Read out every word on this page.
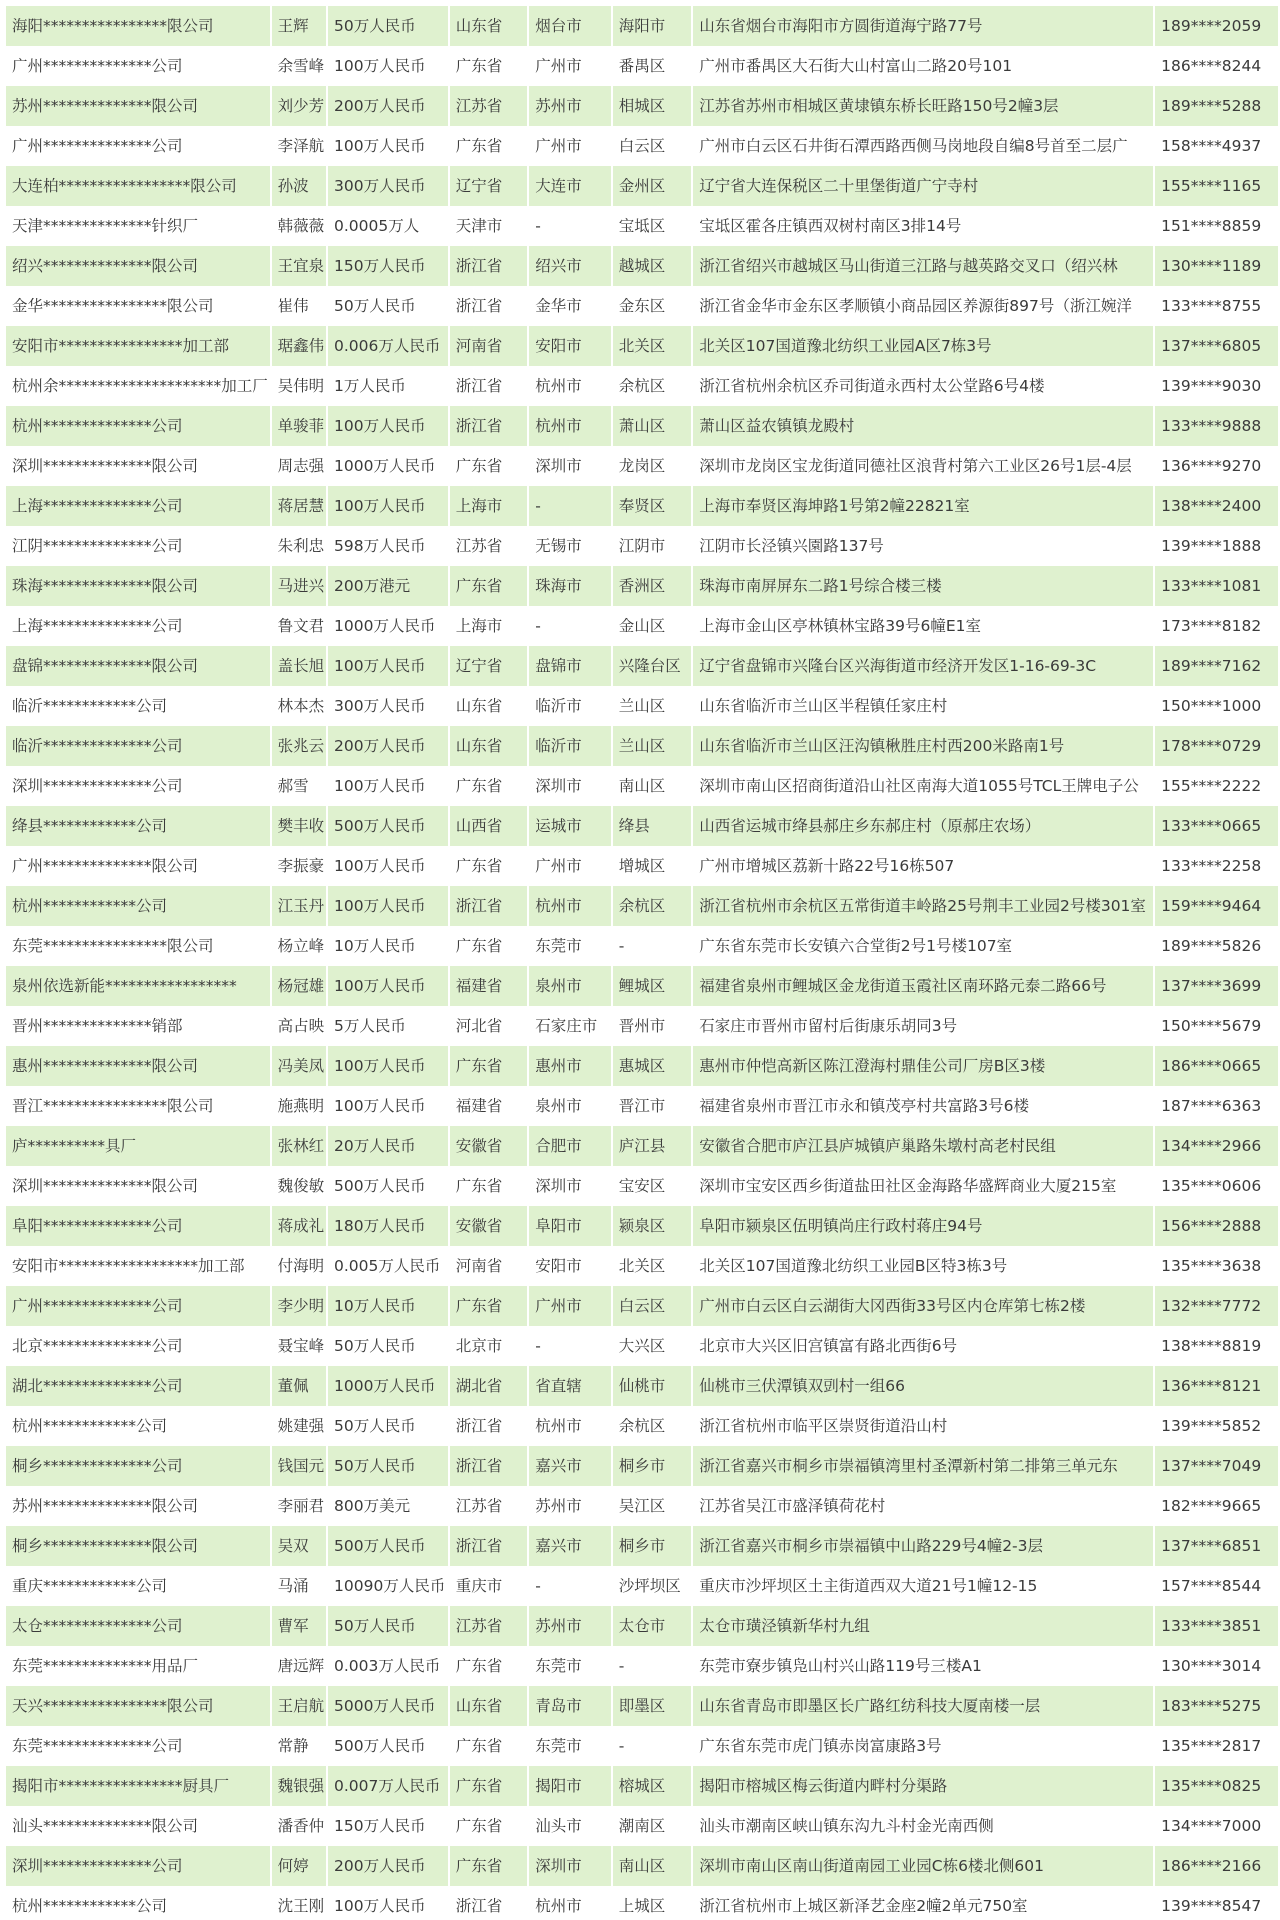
海阳****************限公司	王辉	50万人民币	山东省	烟台市	海阳市	山东省烟台市海阳市方圆街道海宁路77号	189****2059
广州**************公司	余雪峰	100万人民币	广东省	广州市	番禺区	广州市番禺区大石街大山村富山二路20号101	186****8244
苏州**************限公司	刘少芳	200万人民币	江苏省	苏州市	相城区	江苏省苏州市相城区黄埭镇东桥长旺路150号2幢3层	189****5288
广州**************公司	李泽航	100万人民币	广东省	广州市	白云区	广州市白云区石井街石潭西路西侧马岗地段自编8号首至二层广	158****4937
大连柏*****************限公司	孙波	300万人民币	辽宁省	大连市	金州区	辽宁省大连保税区二十里堡街道广宁寺村	155****1165
天津**************针织厂	韩薇薇	0.0005万人	天津市	-	宝坻区	宝坻区霍各庄镇西双树村南区3排14号	151****8859
绍兴**************限公司	王宜泉	150万人民币	浙江省	绍兴市	越城区	浙江省绍兴市越城区马山街道三江路与越英路交叉口（绍兴林	130****1189
金华****************限公司	崔伟	50万人民币	浙江省	金华市	金东区	浙江省金华市金东区孝顺镇小商品园区养源街897号（浙江婉洋	133****8755
安阳市****************加工部	琚鑫伟	0.006万人民币	河南省	安阳市	北关区	北关区107国道豫北纺织工业园A区7栋3号	137****6805
杭州余*********************加工厂	吴伟明	1万人民币	浙江省	杭州市	余杭区	浙江省杭州余杭区乔司街道永西村太公堂路6号4楼	139****9030
杭州**************公司	单骏菲	100万人民币	浙江省	杭州市	萧山区	萧山区益农镇镇龙殿村	133****9888
深圳**************限公司	周志强	1000万人民币	广东省	深圳市	龙岗区	深圳市龙岗区宝龙街道同德社区浪背村第六工业区26号1层-4层	136****9270
上海**************公司	蒋居慧	100万人民币	上海市	-	奉贤区	上海市奉贤区海坤路1号第2幢22821室	138****2400
江阴**************公司	朱利忠	598万人民币	江苏省	无锡市	江阴市	江阴市长泾镇兴園路137号	139****1888
珠海**************限公司	马进兴	200万港元	广东省	珠海市	香洲区	珠海市南屏屏东二路1号综合楼三楼	133****1081
上海**************公司	鲁文君	1000万人民币	上海市	-	金山区	上海市金山区亭林镇林宝路39号6幢E1室	173****8182
盘锦**************限公司	盖长旭	100万人民币	辽宁省	盘锦市	兴隆台区	辽宁省盘锦市兴隆台区兴海街道市经济开发区1-16-69-3C	189****7162
临沂************公司	林本杰	300万人民币	山东省	临沂市	兰山区	山东省临沂市兰山区半程镇任家庄村	150****1000
临沂**************公司	张兆云	200万人民币	山东省	临沂市	兰山区	山东省临沂市兰山区汪沟镇楸胜庄村西200米路南1号	178****0729
深圳**************公司	郝雪	100万人民币	广东省	深圳市	南山区	深圳市南山区招商街道沿山社区南海大道1055号TCL王牌电子公	155****2222
绛县************公司	樊丰收	500万人民币	山西省	运城市	绛县	山西省运城市绛县郝庄乡东郝庄村（原郝庄农场）	133****0665
广州**************限公司	李振豪	100万人民币	广东省	广州市	增城区	广州市增城区荔新十路22号16栋507	133****2258
杭州************公司	江玉丹	100万人民币	浙江省	杭州市	余杭区	浙江省杭州市余杭区五常街道丰岭路25号荆丰工业园2号楼301室	159****9464
东莞****************限公司	杨立峰	10万人民币	广东省	东莞市	-	广东省东莞市长安镇六合堂街2号1号楼107室	189****5826
泉州依选新能*****************	杨冠雄	100万人民币	福建省	泉州市	鲤城区	福建省泉州市鲤城区金龙街道玉霞社区南环路元泰二路66号	137****3699
晋州**************销部	高占映	5万人民币	河北省	石家庄市	晋州市	石家庄市晋州市留村后街康乐胡同3号	150****5679
惠州**************限公司	冯美凤	100万人民币	广东省	惠州市	惠城区	惠州市仲恺高新区陈江澄海村鼎佳公司厂房B区3楼	186****0665
晋江****************限公司	施燕明	100万人民币	福建省	泉州市	晋江市	福建省泉州市晋江市永和镇茂亭村共富路3号6楼	187****6363
庐**********具厂	张林红	20万人民币	安徽省	合肥市	庐江县	安徽省合肥市庐江县庐城镇庐巢路朱墩村高老村民组	134****2966
深圳**************限公司	魏俊敏	500万人民币	广东省	深圳市	宝安区	深圳市宝安区西乡街道盐田社区金海路华盛辉商业大厦215室	135****0606
阜阳**************公司	蒋成礼	180万人民币	安徽省	阜阳市	颍泉区	阜阳市颍泉区伍明镇尚庄行政村蒋庄94号	156****2888
安阳市******************加工部	付海明	0.005万人民币	河南省	安阳市	北关区	北关区107国道豫北纺织工业园B区特3栋3号	135****3638
广州**************公司	李少明	10万人民币	广东省	广州市	白云区	广州市白云区白云湖街大冈西街33号区内仓库第七栋2楼	132****7772
北京**************公司	聂宝峰	50万人民币	北京市	-	大兴区	北京市大兴区旧宫镇富有路北西街6号	138****8819
湖北**************公司	董佩	1000万人民币	湖北省	省直辖	仙桃市	仙桃市三伏潭镇双剅村一组66	136****8121
杭州************公司	姚建强	50万人民币	浙江省	杭州市	余杭区	浙江省杭州市临平区崇贤街道沿山村	139****5852
桐乡**************公司	钱国元	50万人民币	浙江省	嘉兴市	桐乡市	浙江省嘉兴市桐乡市崇福镇湾里村圣潭新村第二排第三单元东	137****7049
苏州**************限公司	李丽君	800万美元	江苏省	苏州市	吴江区	江苏省吴江市盛泽镇荷花村	182****9665
桐乡**************限公司	吴双	500万人民币	浙江省	嘉兴市	桐乡市	浙江省嘉兴市桐乡市崇福镇中山路229号4幢2-3层	137****6851
重庆************公司	马涌	10090万人民币	重庆市	-	沙坪坝区	重庆市沙坪坝区土主街道西双大道21号1幢12-15	157****8544
太仓**************公司	曹军	50万人民币	江苏省	苏州市	太仓市	太仓市璜泾镇新华村九组	133****3851
东莞**************用品厂	唐远辉	0.003万人民币	广东省	东莞市	-	东莞市寮步镇凫山村兴山路119号三楼A1	130****3014
天兴****************限公司	王启航	5000万人民币	山东省	青岛市	即墨区	山东省青岛市即墨区长广路红纺科技大厦南楼一层	183****5275
东莞**************公司	常静	500万人民币	广东省	东莞市	-	广东省东莞市虎门镇赤岗富康路3号	135****2817
揭阳市****************厨具厂	魏银强	0.007万人民币	广东省	揭阳市	榕城区	揭阳市榕城区梅云街道内畔村分渠路	135****0825
汕头**************限公司	潘香仲	150万人民币	广东省	汕头市	潮南区	汕头市潮南区峡山镇东沟九斗村金光南西侧	134****7000
深圳**************公司	何婷	200万人民币	广东省	深圳市	南山区	深圳市南山区南山街道南园工业园C栋6楼北侧601	186****2166
杭州************公司	沈王刚	100万人民币	浙江省	杭州市	上城区	浙江省杭州市上城区新泽艺金座2幢2单元750室	139****8547
